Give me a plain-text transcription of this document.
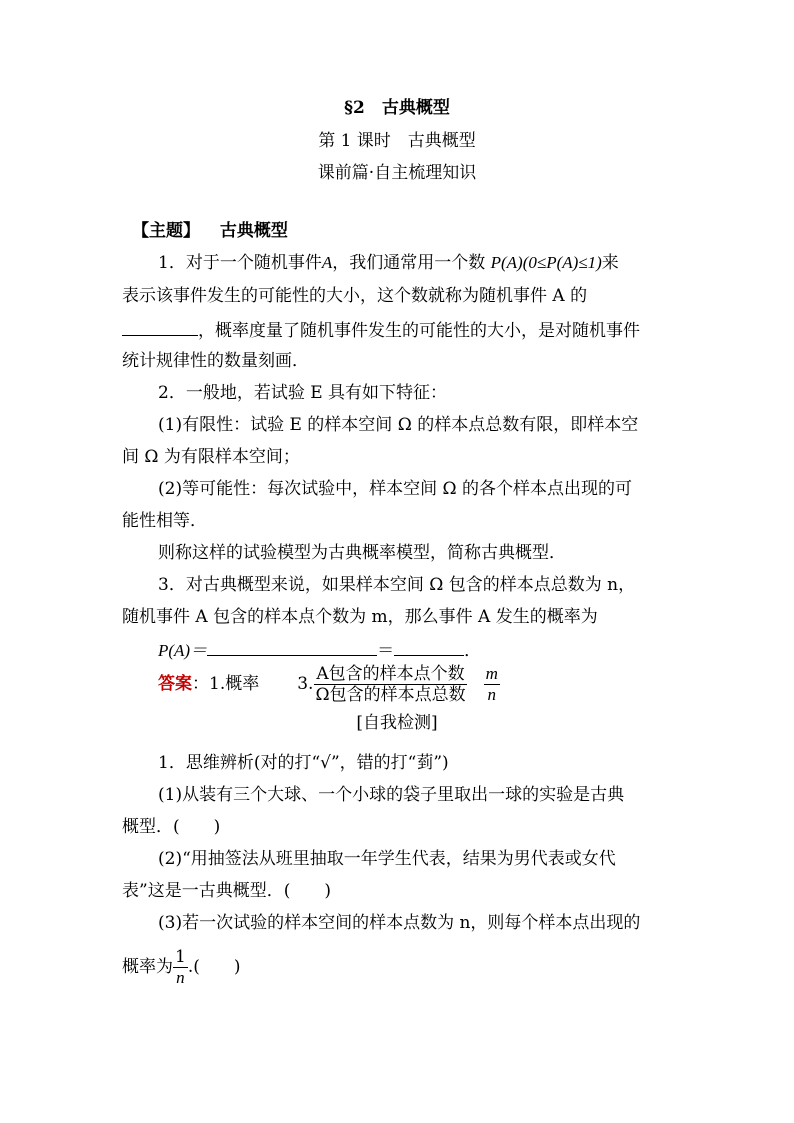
§2　古典概型
第 1 课时　古典概型
课前篇·自主梳理知识
【主题】 古典概型
1．对于一个随机事件A，我们通常用一个数 P(A)(0≤P(A)≤1)来
表示该事件发生的可能性的大小，这个数就称为随机事件 A 的
，概率度量了随机事件发生的可能性的大小，是对随机事件
统计规律性的数量刻画．
2．一般地，若试验 E 具有如下特征：
(1)有限性：试验 E 的样本空间 Ω 的样本点总数有限，即样本空
间 Ω 为有限样本空间；
(2)等可能性：每次试验中，样本空间 Ω 的各个样本点出现的可
能性相等．
则称这样的试验模型为古典概率模型，简称古典概型．
3．对古典概型来说，如果样本空间 Ω 包含的样本点总数为 n，
随机事件 A 包含的样本点个数为 m，那么事件 A 发生的概率为
P(A)＝	＝	．
答案 ：1.概率 3. $\frac{\text{A包含的样本点个数}}{\text{Ω包含的样本点总数}} \frac{m}{n}$
[自我检测]
1．思维辨析(对的打“√”，错的打“菿”)
(1)从装有三个大球、一个小球的袋子里取出一球的实验是古典
概型．(　　)
(2)“用抽签法从班里抽取一年学生代表，结果为男代表或女代
表”这是一古典概型．(　　)
(3)若一次试验的样本空间的样本点数为 n，则每个样本点出现的
概率为 $\frac{1}{n}$ .(　　)
